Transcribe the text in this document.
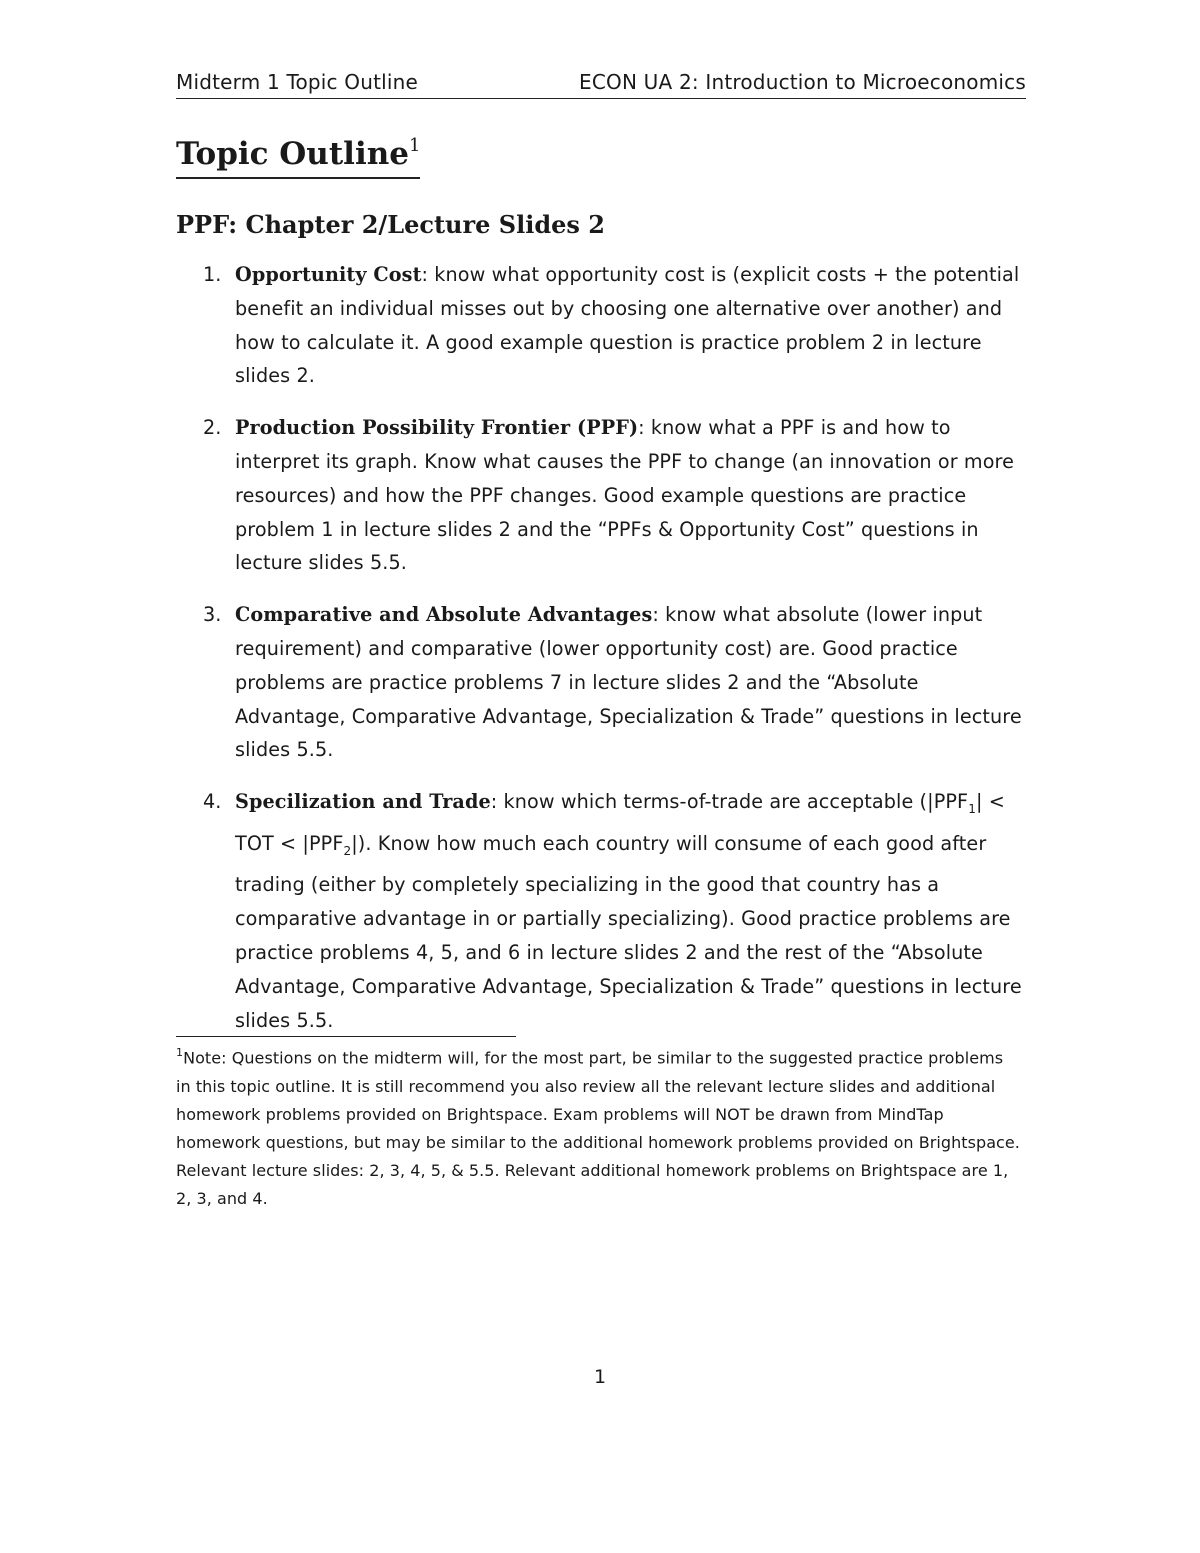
Midterm 1 Topic Outline	ECON UA 2: Introduction to Microeconomics
Topic Outline$^1$
PPF: Chapter 2/Lecture Slides 2
1. Opportunity Cost: know what opportunity cost is (explicit costs + the potential benefit an individual misses out by choosing one alternative over another) and how to calculate it. A good example question is practice problem 2 in lecture slides 2.
2. Production Possibility Frontier (PPF): know what a PPF is and how to interpret its graph. Know what causes the PPF to change (an innovation or more resources) and how the PPF changes. Good example questions are practice problem 1 in lecture slides 2 and the “PPFs & Opportunity Cost” questions in lecture slides 5.5.
3. Comparative and Absolute Advantages: know what absolute (lower input requirement) and comparative (lower opportunity cost) are. Good practice problems are practice problems 7 in lecture slides 2 and the “Absolute Advantage, Comparative Advantage, Specialization & Trade” questions in lecture slides 5.5.
4. Specilization and Trade: know which terms-of-trade are acceptable ($|PPF_1|$ < TOT < $|PPF_2|$). Know how much each country will consume of each good after trading (either by completely specializing in the good that country has a comparative advantage in or partially specializing). Good practice problems are practice problems 4, 5, and 6 in lecture slides 2 and the rest of the “Absolute Advantage, Comparative Advantage, Specialization & Trade” questions in lecture slides 5.5.
$^1$Note: Questions on the midterm will, for the most part, be similar to the suggested practice problems in this topic outline. It is still recommend you also review all the relevant lecture slides and additional homework problems provided on Brightspace. Exam problems will NOT be drawn from MindTap homework questions, but may be similar to the additional homework problems provided on Brightspace. Relevant lecture slides: 2, 3, 4, 5, & 5.5. Relevant additional homework problems on Brightspace are 1, 2, 3, and 4.
1
